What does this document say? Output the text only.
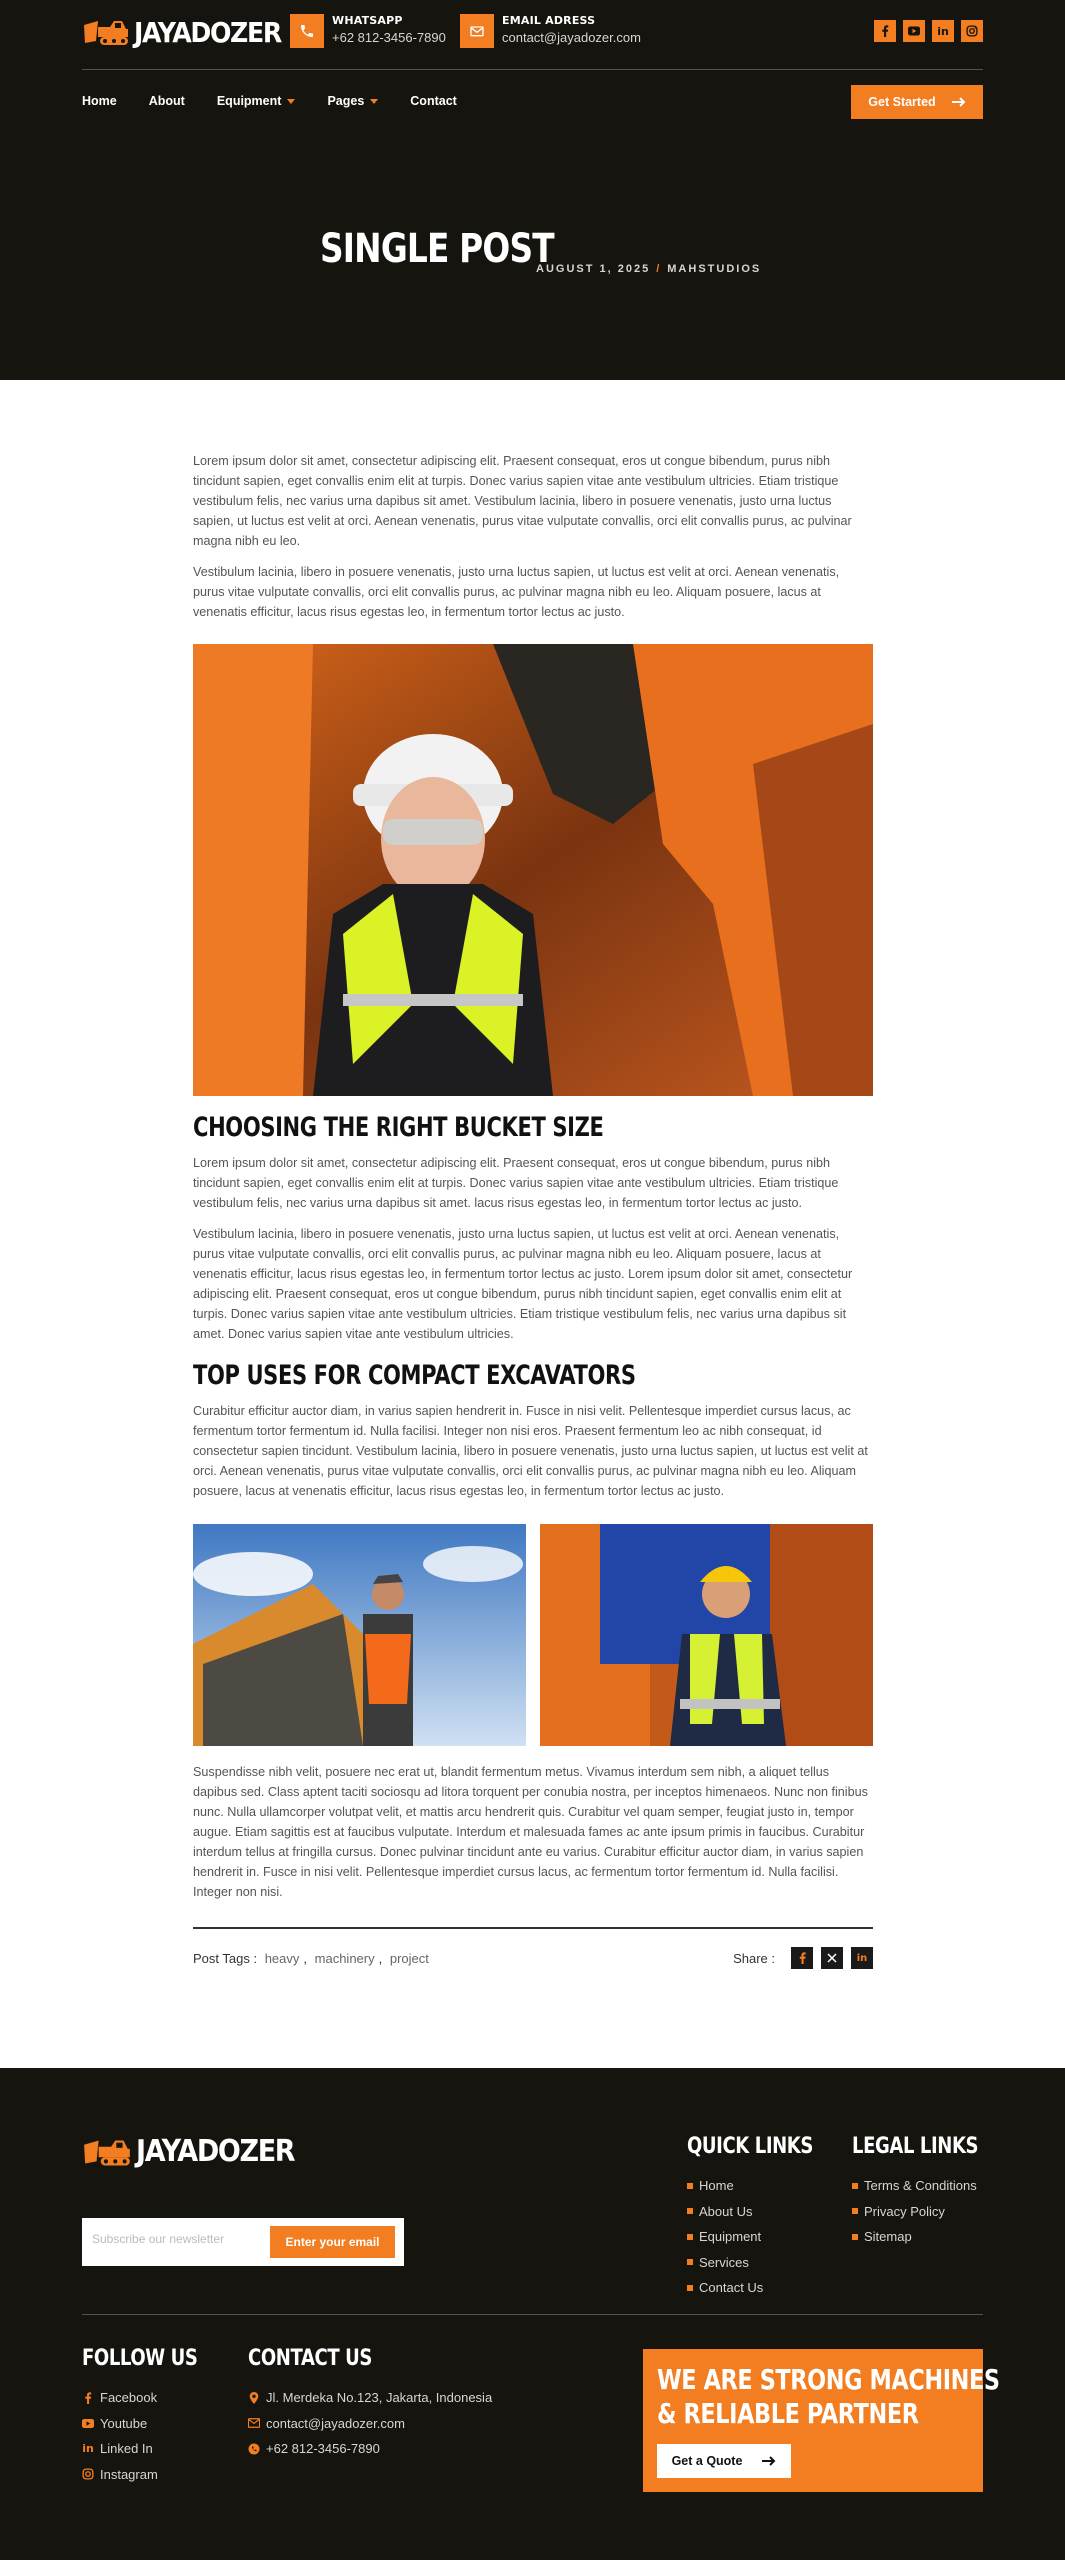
JAYADOZER	WHATSAPP
+62 812-3456-7890
EMAIL ADRESS
contact@jayadozer.com	in
Home	About	Equipment	Pages	Contact	Get Started
SINGLE POST
AUGUST 1, 2025 / MAHSTUDIOS

Lorem ipsum dolor sit amet, consectetur adipiscing elit. Praesent consequat, eros ut congue bibendum, purus nibh tincidunt sapien, eget convallis enim elit at turpis. Donec varius sapien vitae ante vestibulum ultricies. Etiam tristique vestibulum felis, nec varius urna dapibus sit amet. Vestibulum lacinia, libero in posuere venenatis, justo urna luctus sapien, ut luctus est velit at orci. Aenean venenatis, purus vitae vulputate convallis, orci elit convallis purus, ac pulvinar magna nibh eu leo.

Vestibulum lacinia, libero in posuere venenatis, justo urna luctus sapien, ut luctus est velit at orci. Aenean venenatis, purus vitae vulputate convallis, orci elit convallis purus, ac pulvinar magna nibh eu leo. Aliquam posuere, lacus at venenatis efficitur, lacus risus egestas leo, in fermentum tortor lectus ac justo.

CHOOSING THE RIGHT BUCKET SIZE

Lorem ipsum dolor sit amet, consectetur adipiscing elit. Praesent consequat, eros ut congue bibendum, purus nibh tincidunt sapien, eget convallis enim elit at turpis. Donec varius sapien vitae ante vestibulum ultricies. Etiam tristique vestibulum felis, nec varius urna dapibus sit amet. lacus risus egestas leo, in fermentum tortor lectus ac justo.

Vestibulum lacinia, libero in posuere venenatis, justo urna luctus sapien, ut luctus est velit at orci. Aenean venenatis, purus vitae vulputate convallis, orci elit convallis purus, ac pulvinar magna nibh eu leo. Aliquam posuere, lacus at venenatis efficitur, lacus risus egestas leo, in fermentum tortor lectus ac justo. Lorem ipsum dolor sit amet, consectetur adipiscing elit. Praesent consequat, eros ut congue bibendum, purus nibh tincidunt sapien, eget convallis enim elit at turpis. Donec varius sapien vitae ante vestibulum ultricies. Etiam tristique vestibulum felis, nec varius urna dapibus sit amet. Donec varius sapien vitae ante vestibulum ultricies.

TOP USES FOR COMPACT EXCAVATORS

Curabitur efficitur auctor diam, in varius sapien hendrerit in. Fusce in nisi velit. Pellentesque imperdiet cursus lacus, ac fermentum tortor fermentum id. Nulla facilisi. Integer non nisi eros. Praesent fermentum leo ac nibh consequat, id consectetur sapien tincidunt. Vestibulum lacinia, libero in posuere venenatis, justo urna luctus sapien, ut luctus est velit at orci. Aenean venenatis, purus vitae vulputate convallis, orci elit convallis purus, ac pulvinar magna nibh eu leo. Aliquam posuere, lacus at venenatis efficitur, lacus risus egestas leo, in fermentum tortor lectus ac justo.

Suspendisse nibh velit, posuere nec erat ut, blandit fermentum metus. Vivamus interdum sem nibh, a aliquet tellus dapibus sed. Class aptent taciti sociosqu ad litora torquent per conubia nostra, per inceptos himenaeos. Nunc non finibus nunc. Nulla ullamcorper volutpat velit, et mattis arcu hendrerit quis. Curabitur vel quam semper, feugiat justo in, tempor augue. Etiam sagittis est at faucibus vulputate. Interdum et malesuada fames ac ante ipsum primis in faucibus. Curabitur interdum tellus at fringilla cursus. Donec pulvinar tincidunt ante eu varius. Curabitur efficitur auctor diam, in varius sapien hendrerit in. Fusce in nisi velit. Pellentesque imperdiet cursus lacus, ac fermentum tortor fermentum id. Nulla facilisi. Integer non nisi.

Post Tags : heavy , machinery , project	Share :	in
JAYADOZER
Subscribe our newsletter
Enter your email
QUICK LINKS
Home
About Us
Equipment
Services
Contact Us
LEGAL LINKS
Terms & Conditions
Privacy Policy
Sitemap
FOLLOW US
Facebook
Youtube
in Linked In
Instagram
CONTACT US
Jl. Merdeka No.123, Jakarta, Indonesia
contact@jayadozer.com
+62 812-3456-7890
WE ARE STRONG MACHINES
& RELIABLE PARTNER
Get a Quote
